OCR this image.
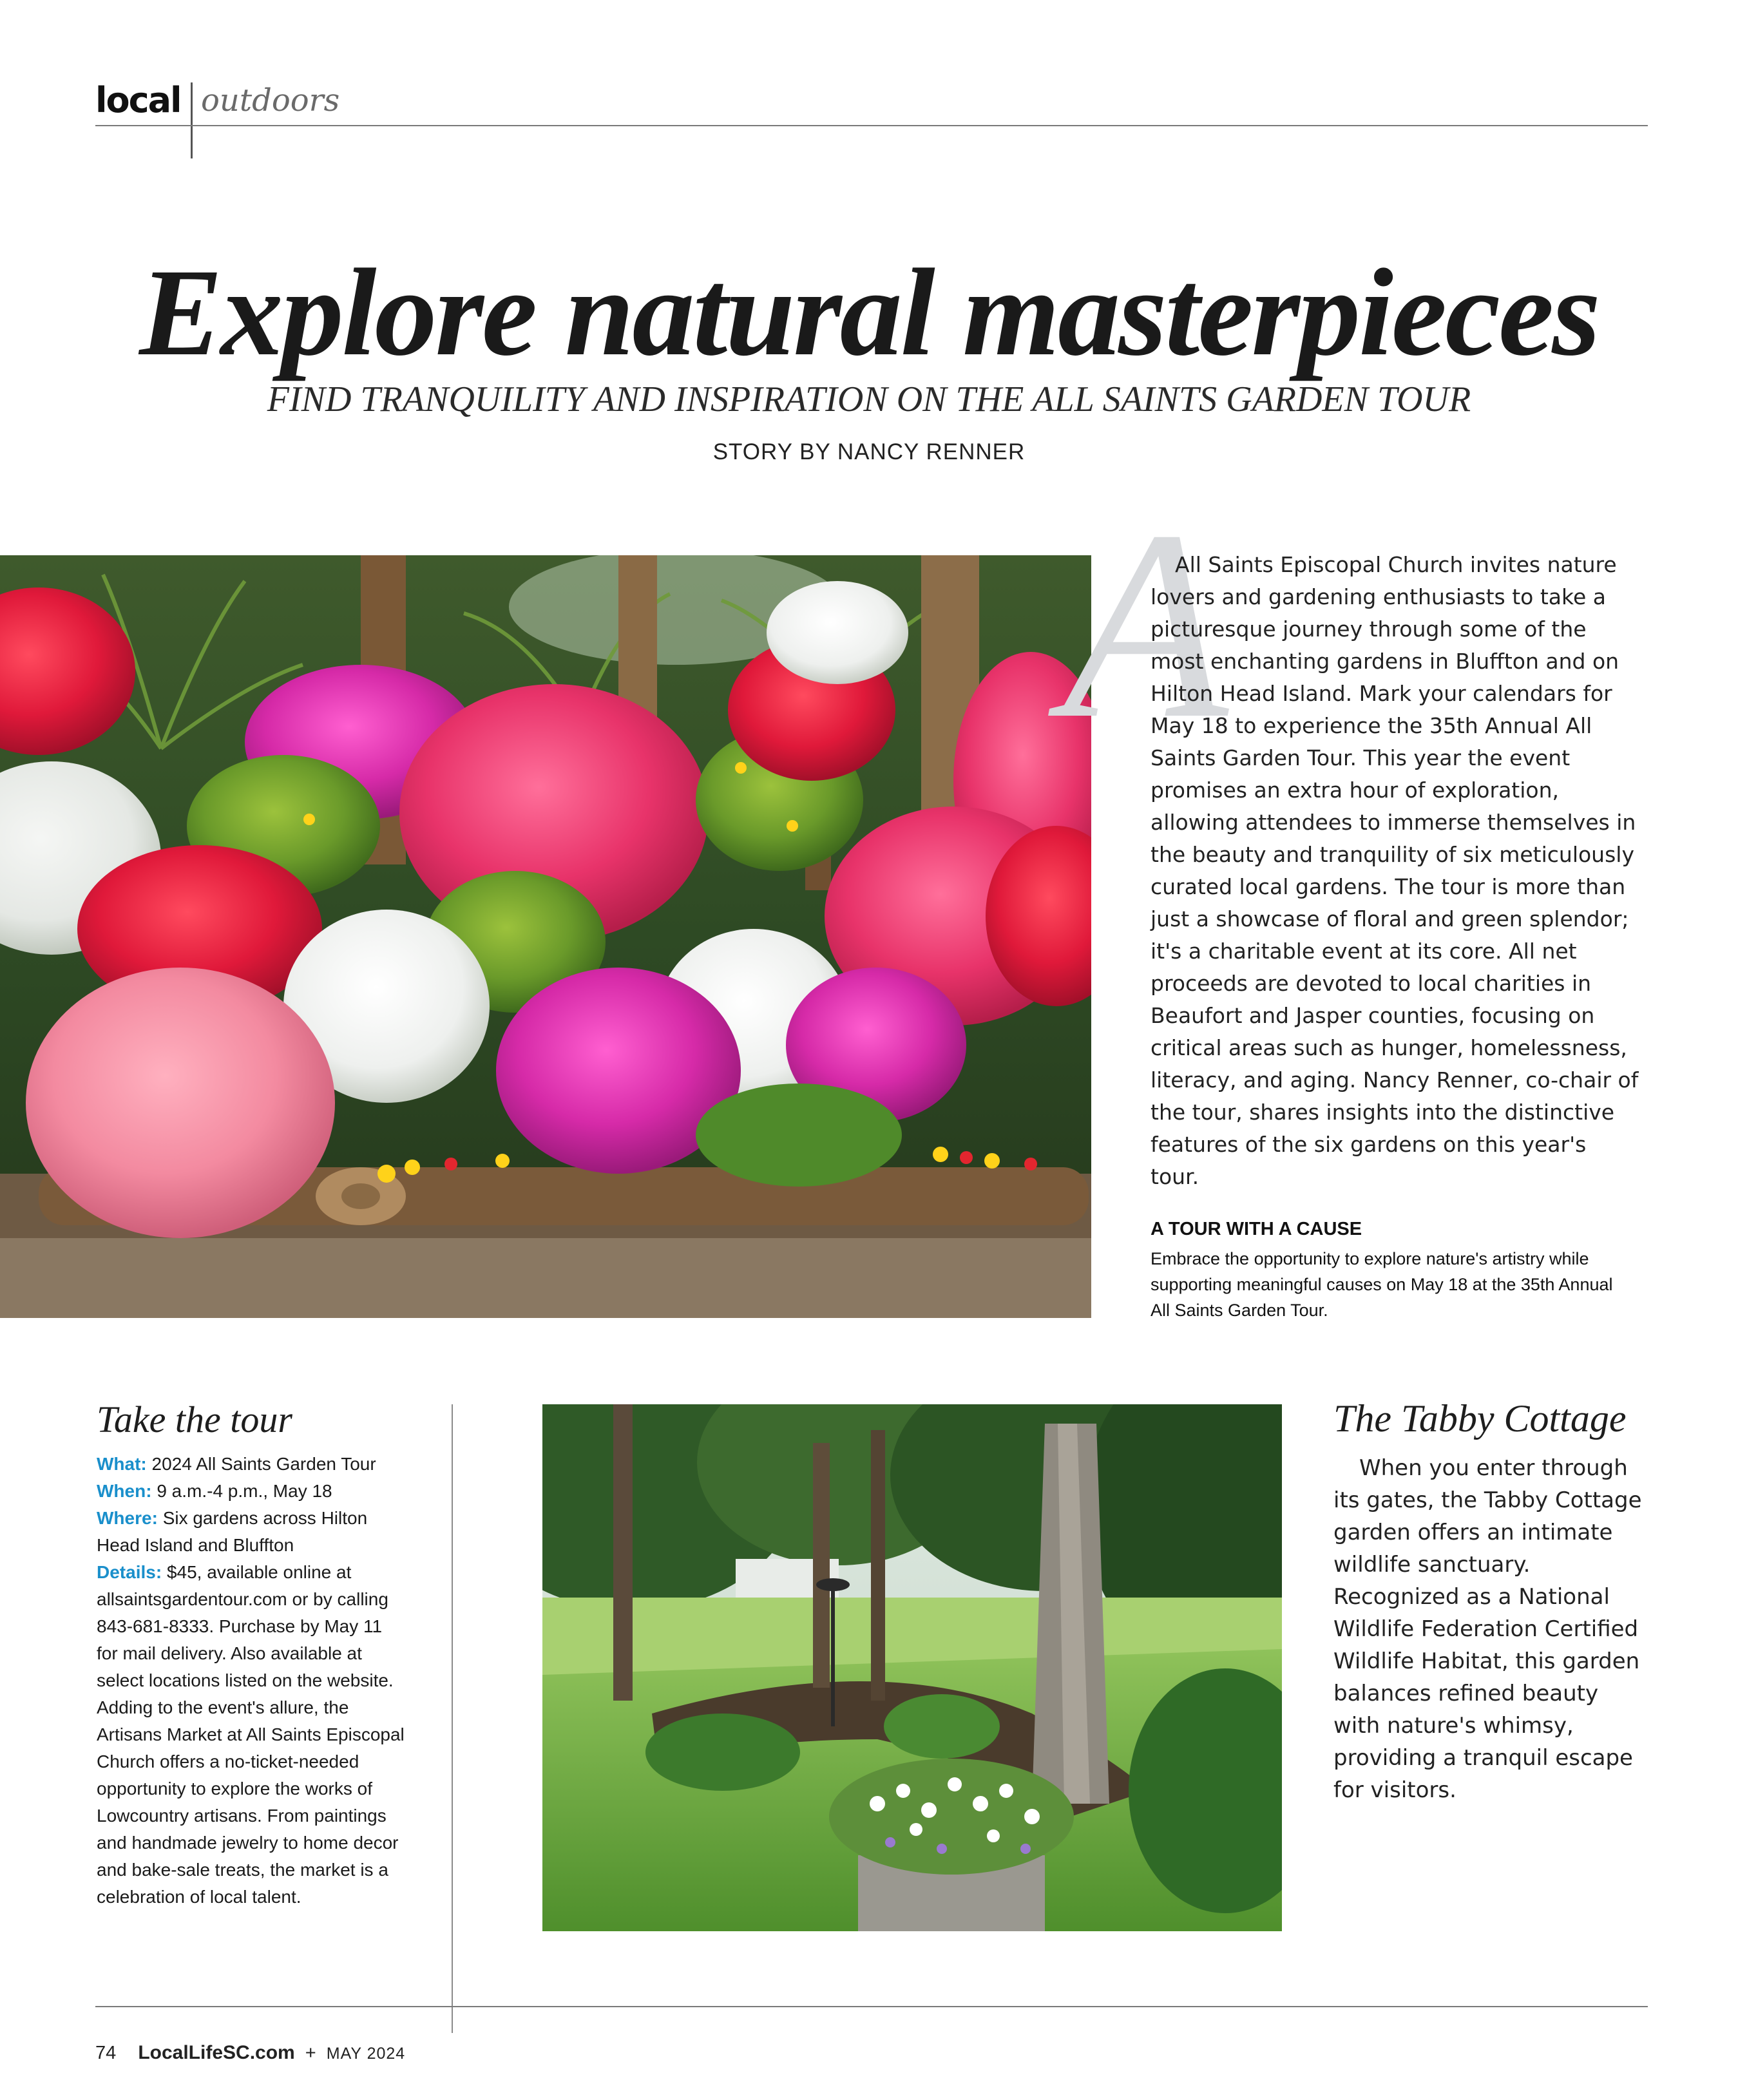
local outdoors
Explore natural masterpieces
FIND TRANQUILITY AND INSPIRATION ON THE ALL SAINTS GARDEN TOUR
STORY BY NANCY RENNER
A
All Saints Episcopal Church invites nature lovers and gardening enthusiasts to take a picturesque journey through some of the most enchanting gardens in Bluffton and on Hilton Head Island. Mark your calendars for May 18 to experience the 35th Annual All Saints Garden Tour. This year the event promises an extra hour of exploration, allowing attendees to immerse themselves in the beauty and tranquility of six meticulously curated local gardens. The tour is more than just a showcase of floral and green splendor; it's a charitable event at its core. All net proceeds are devoted to local charities in Beaufort and Jasper counties, focusing on critical areas such as hunger, homelessness, literacy, and aging. Nancy Renner, co-chair of the tour, shares insights into the distinctive features of the six gardens on this year's tour.
A TOUR WITH A CAUSE
Embrace the opportunity to explore nature's artistry while supporting meaningful causes on May 18 at the 35th Annual All Saints Garden Tour.
Take the tour
What: 2024 All Saints Garden Tour
When: 9 a.m.-4 p.m., May 18
Where: Six gardens across Hilton Head Island and Bluffton
Details: $45, available online at allsaintsgardentour.com or by calling 843-681-8333. Purchase by May 11 for mail delivery. Also available at select locations listed on the website. Adding to the event's allure, the Artisans Market at All Saints Episcopal Church offers a no-ticket-needed opportunity to explore the works of Lowcountry artisans. From paintings and handmade jewelry to home decor and bake-sale treats, the market is a celebration of local talent.
The Tabby Cottage
When you enter through its gates, the Tabby Cottage garden offers an intimate wildlife sanctuary. Recognized as a National Wildlife Federation Certified Wildlife Habitat, this garden balances refined beauty with nature's whimsy, providing a tranquil escape for visitors.
74 LocalLifeSC.com + MAY 2024
